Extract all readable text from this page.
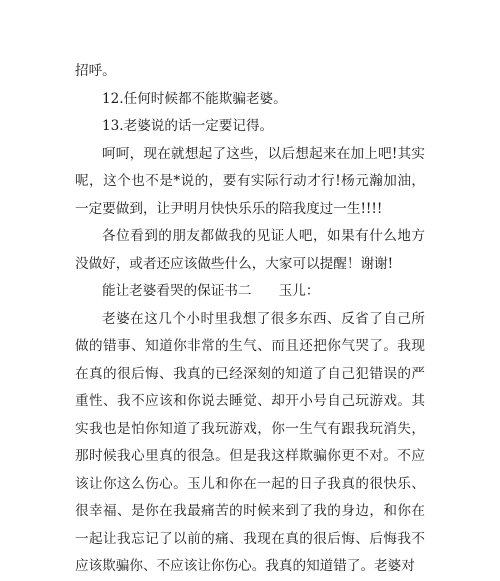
招呼。

12.任何时候都不能欺骗老婆。

13.老婆说的话一定要记得。

呵呵，现在就想起了这些，以后想起来在加上吧!其实呢，这个也不是*说的，要有实际行动才行!杨元瀚加油，一定要做到，让尹明月快快乐乐的陪我度过一生!!!!

各位看到的朋友都做我的见证人吧，如果有什么地方没做好，或者还应该做些什么，大家可以提醒！谢谢!

能让老婆看哭的保证书二　　玉儿：

老婆在这几个小时里我想了很多东西、反省了自己所做的错事、知道你非常的生气、而且还把你气哭了。我现在真的很后悔、我真的已经深刻的知道了自己犯错误的严重性、我不应该和你说去睡觉、却开小号自己玩游戏。其实我也是怕你知道了我玩游戏，你一生气有跟我玩消失，那时候我心里真的很急。但是我这样欺骗你更不对。不应该让你这么伤心。玉儿和你在一起的日子我真的很快乐、很幸福、是你在我最痛苦的时候来到了我的身边，和你在一起让我忘记了以前的痛、我现在真的很后悔、后悔我不应该欺骗你、不应该让你伤心。我真的知道错了。老婆对
